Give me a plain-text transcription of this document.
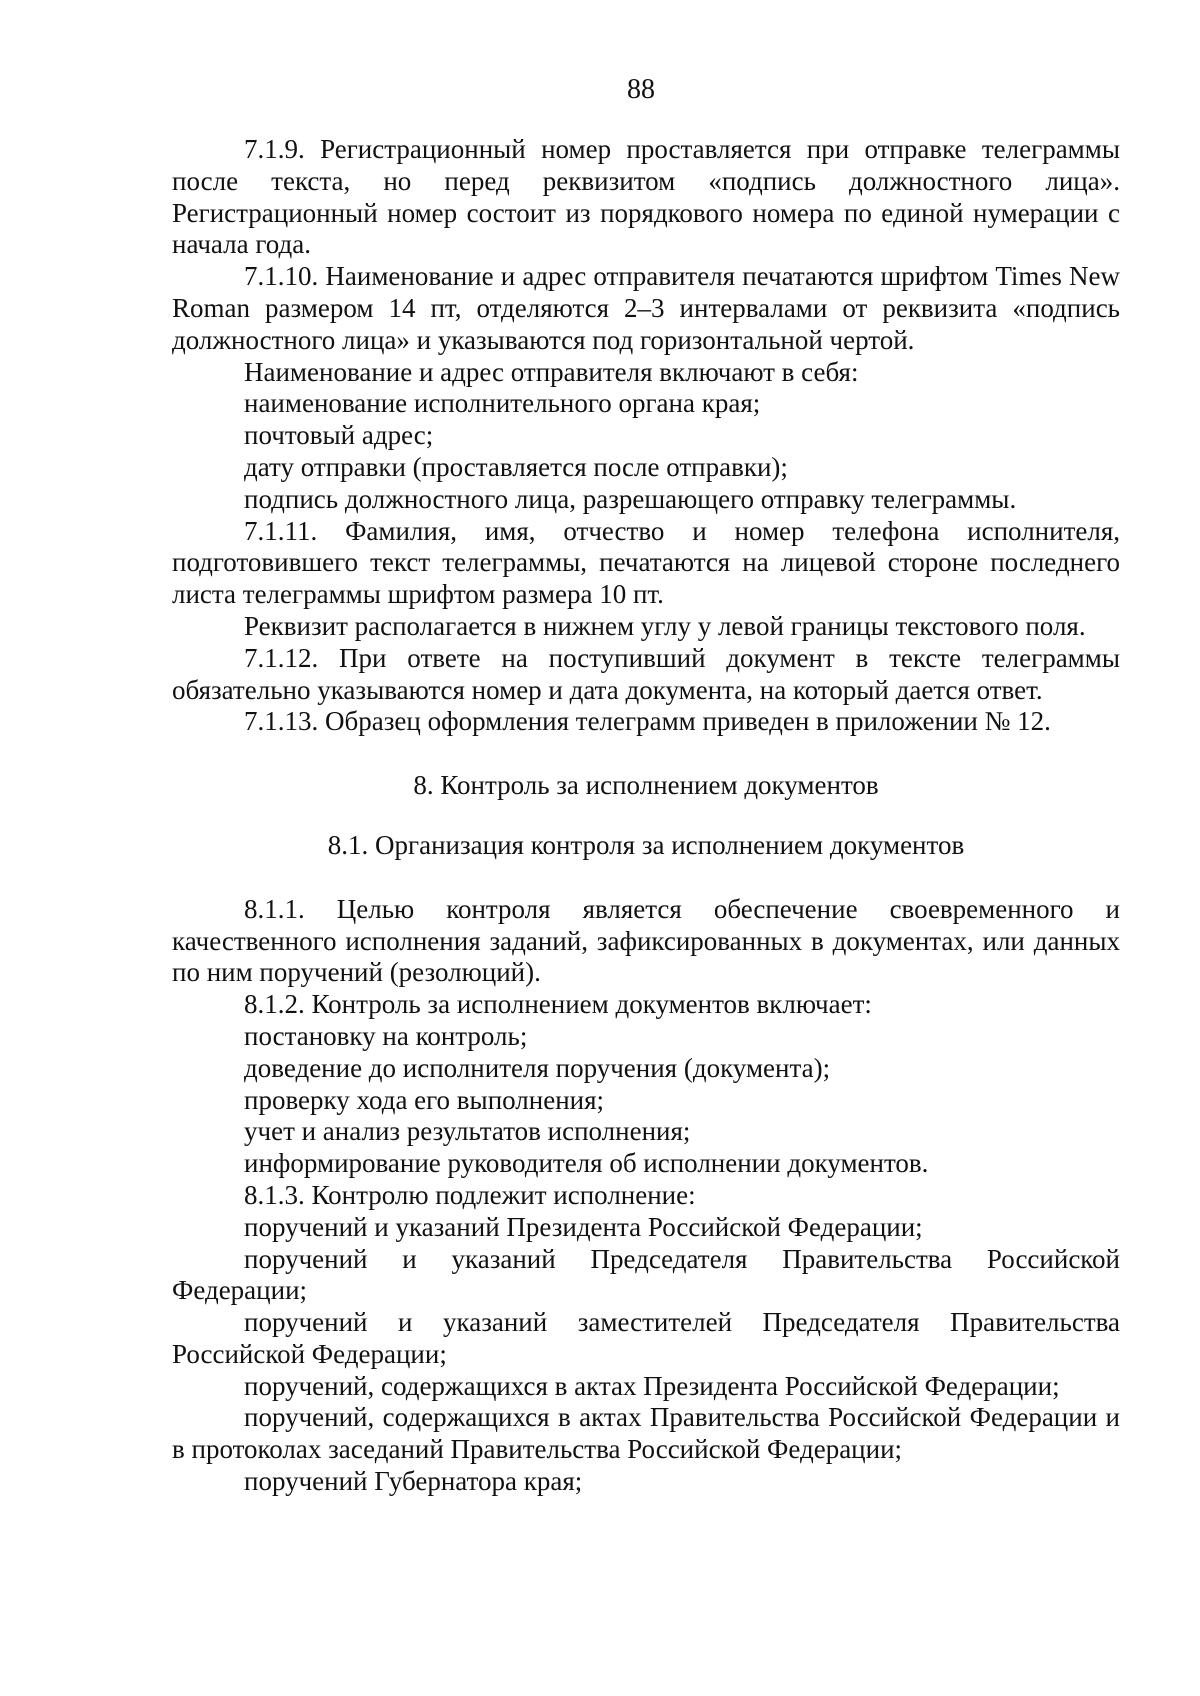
88

7.1.9. Регистрационный номер проставляется при отправке телеграммы после текста, но перед реквизитом «подпись должностного лица». Регистрационный номер состоит из порядкового номера по единой нумерации с начала года.

7.1.10. Наименование и адрес отправителя печатаются шрифтом Times New Roman размером 14 пт, отделяются 2–3 интервалами от реквизита «подпись должностного лица» и указываются под горизонтальной чертой.

Наименование и адрес отправителя включают в себя:

наименование исполнительного органа края;

почтовый адрес;

дату отправки (проставляется после отправки);

подпись должностного лица, разрешающего отправку телеграммы.

7.1.11. Фамилия, имя, отчество и номер телефона исполнителя, подготовившего текст телеграммы, печатаются на лицевой стороне последнего листа телеграммы шрифтом размера 10 пт.

Реквизит располагается в нижнем углу у левой границы текстового поля.

7.1.12. При ответе на поступивший документ в тексте телеграммы обязательно указываются номер и дата документа, на который дается ответ.

7.1.13. Образец оформления телеграмм приведен в приложении № 12.

8. Контроль за исполнением документов

8.1. Организация контроля за исполнением документов

8.1.1. Целью контроля является обеспечение своевременного и качественного исполнения заданий, зафиксированных в документах, или данных по ним поручений (резолюций).

8.1.2. Контроль за исполнением документов включает:

постановку на контроль;

доведение до исполнителя поручения (документа);

проверку хода его выполнения;

учет и анализ результатов исполнения;

информирование руководителя об исполнении документов.

8.1.3. Контролю подлежит исполнение:

поручений и указаний Президента Российской Федерации;

поручений и указаний Председателя Правительства Российской Федерации;

поручений и указаний заместителей Председателя Правительства Российской Федерации;

поручений, содержащихся в актах Президента Российской Федерации;

поручений, содержащихся в актах Правительства Российской Федерации и в протоколах заседаний Правительства Российской Федерации;

поручений Губернатора края;
